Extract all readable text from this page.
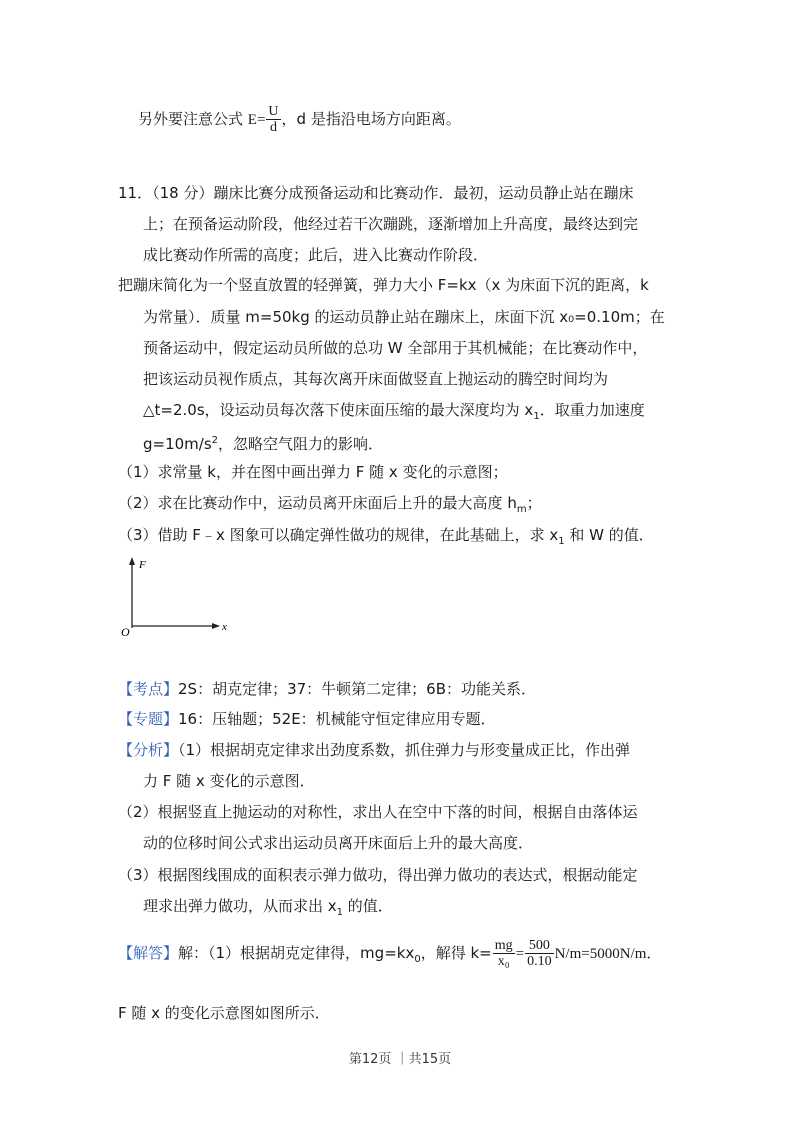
另外要注意公式 $E= \frac{U}{d}$ ，d 是指沿电场方向距离。
11．（18 分）蹦床比赛分成预备运动和比赛动作．最初，运动员静止站在蹦床
上；在预备运动阶段，他经过若干次蹦跳，逐渐增加上升高度，最终达到完
成比赛动作所需的高度；此后，进入比赛动作阶段．
把蹦床简化为一个竖直放置的轻弹簧，弹力大小 F=kx（x 为床面下沉的距离，k
为常量）．质量 m=50kg 的运动员静止站在蹦床上，床面下沉 x₀=0.10m；在
预备运动中，假定运动员所做的总功 W 全部用于其机械能；在比赛动作中，
把该运动员视作质点，其每次离开床面做竖直上抛运动的腾空时间均为
△t=2.0s，设运动员每次落下使床面压缩的最大深度均为 $x_1$．取重力加速度
$g=10m/s^2$，忽略空气阻力的影响．
（1）求常量 k，并在图中画出弹力 F 随 x 变化的示意图；
（2）求在比赛动作中，运动员离开床面后上升的最大高度 $h_m$；
（3）借助 F﹣x 图象可以确定弹性做功的规律，在此基础上，求 $x_1$ 和 W 的值．
F
x
O
【考点】2S：胡克定律；37：牛顿第二定律；6B：功能关系．
【专题】16：压轴题；52E：机械能守恒定律应用专题．
【分析】（1）根据胡克定律求出劲度系数，抓住弹力与形变量成正比，作出弹
力 F 随 x 变化的示意图．
（2）根据竖直上抛运动的对称性，求出人在空中下落的时间，根据自由落体运
动的位移时间公式求出运动员离开床面后上升的最大高度．
（3）根据图线围成的面积表示弹力做功，得出弹力做功的表达式，根据动能定
理求出弹力做功，从而求出 $x_1$ 的值．
【解答】解：（1）根据胡克定律得，$mg=kx_0$，解得 $k= \frac{mg}{\text{x₀}} = \frac{500}{0.10} N/m=5000N/m$．
F 随 x 的变化示意图如图所示．
第12页 ｜共15页
